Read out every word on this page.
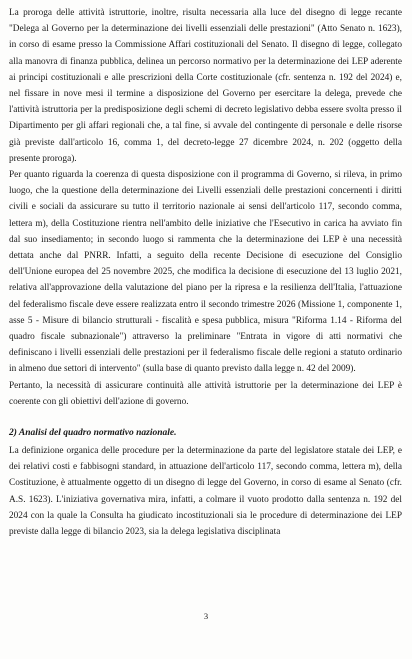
La proroga delle attività istruttorie, inoltre, risulta necessaria alla luce del disegno di legge recante "Delega al Governo per la determinazione dei livelli essenziali delle prestazioni" (Atto Senato n. 1623), in corso di esame presso la Commissione Affari costituzionali del Senato. Il disegno di legge, collegato alla manovra di finanza pubblica, delinea un percorso normativo per la determinazione dei LEP aderente ai principi costituzionali e alle prescrizioni della Corte costituzionale (cfr. sentenza n. 192 del 2024) e, nel fissare in nove mesi il termine a disposizione del Governo per esercitare la delega, prevede che l'attività istruttoria per la predisposizione degli schemi di decreto legislativo debba essere svolta presso il Dipartimento per gli affari regionali che, a tal fine, si avvale del contingente di personale e delle risorse già previste dall'articolo 16, comma 1, del decreto-legge 27 dicembre 2024, n. 202 (oggetto della presente proroga).

Per quanto riguarda la coerenza di questa disposizione con il programma di Governo, si rileva, in primo luogo, che la questione della determinazione dei Livelli essenziali delle prestazioni concernenti i diritti civili e sociali da assicurare su tutto il territorio nazionale ai sensi dell'articolo 117, secondo comma, lettera m), della Costituzione rientra nell'ambito delle iniziative che l'Esecutivo in carica ha avviato fin dal suo insediamento; in secondo luogo si rammenta che la determinazione dei LEP è una necessità dettata anche dal PNRR. Infatti, a seguito della recente Decisione di esecuzione del Consiglio dell'Unione europea del 25 novembre 2025, che modifica la decisione di esecuzione del 13 luglio 2021, relativa all'approvazione della valutazione del piano per la ripresa e la resilienza dell'Italia, l'attuazione del federalismo fiscale deve essere realizzata entro il secondo trimestre 2026 (Missione 1, componente 1, asse 5 - Misure di bilancio strutturali - fiscalità e spesa pubblica, misura "Riforma 1.14 - Riforma del quadro fiscale subnazionale") attraverso la preliminare "Entrata in vigore di atti normativi che definiscano i livelli essenziali delle prestazioni per il federalismo fiscale delle regioni a statuto ordinario in almeno due settori di intervento" (sulla base di quanto previsto dalla legge n. 42 del 2009).

Pertanto, la necessità di assicurare continuità alle attività istruttorie per la determinazione dei LEP è coerente con gli obiettivi dell'azione di governo.

2) Analisi del quadro normativo nazionale.

La definizione organica delle procedure per la determinazione da parte del legislatore statale dei LEP, e dei relativi costi e fabbisogni standard, in attuazione dell'articolo 117, secondo comma, lettera m), della Costituzione, è attualmente oggetto di un disegno di legge del Governo, in corso di esame al Senato (cfr. A.S. 1623). L'iniziativa governativa mira, infatti, a colmare il vuoto prodotto dalla sentenza n. 192 del 2024 con la quale la Consulta ha giudicato incostituzionali sia le procedure di determinazione dei LEP previste dalla legge di bilancio 2023, sia la delega legislativa disciplinata

3
